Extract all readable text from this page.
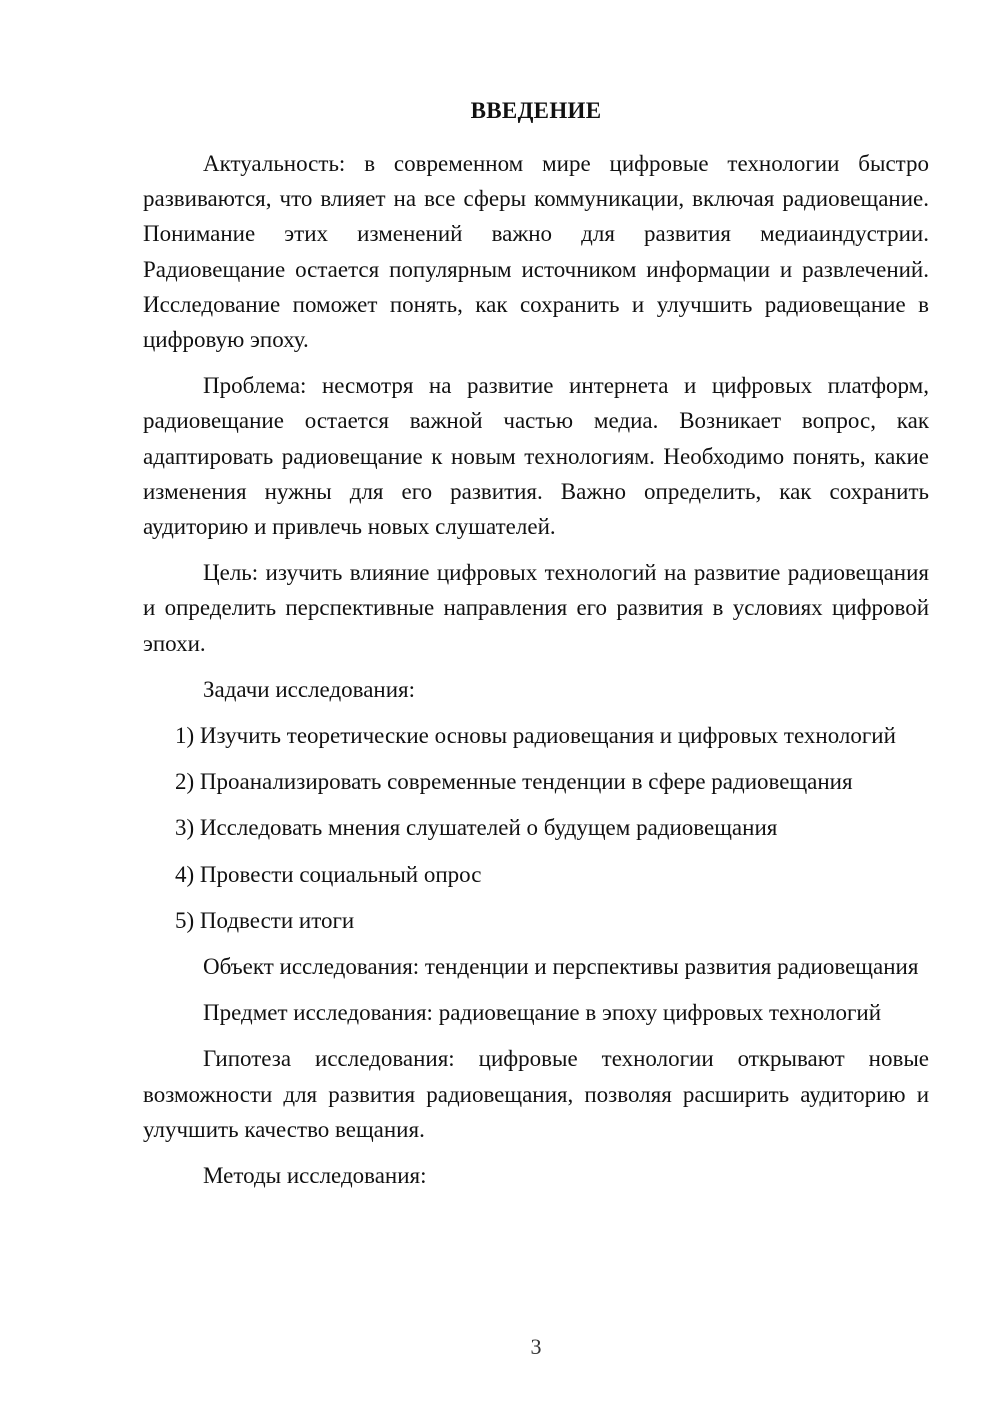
ВВЕДЕНИЕ

Актуальность: в современном мире цифровые технологии быстро развиваются, что влияет на все сферы коммуникации, включая радиовещание. Понимание этих изменений важно для развития медиаиндустрии. Радиовещание остается популярным источником информации и развлечений. Исследование поможет понять, как сохранить и улучшить радиовещание в цифровую эпоху.

Проблема: несмотря на развитие интернета и цифровых платформ, радиовещание остается важной частью медиа. Возникает вопрос, как адаптировать радиовещание к новым технологиям. Необходимо понять, какие изменения нужны для его развития. Важно определить, как сохранить аудиторию и привлечь новых слушателей.

Цель: изучить влияние цифровых технологий на развитие радиовещания и определить перспективные направления его развития в условиях цифровой эпохи.

Задачи исследования:

1) Изучить теоретические основы радиовещания и цифровых технологий

2) Проанализировать современные тенденции в сфере радиовещания

3) Исследовать мнения слушателей о будущем радиовещания

4) Провести социальный опрос

5) Подвести итоги

Объект исследования: тенденции и перспективы развития радиовещания

Предмет исследования: радиовещание в эпоху цифровых технологий

Гипотеза исследования: цифровые технологии открывают новые возможности для развития радиовещания, позволяя расширить аудиторию и улучшить качество вещания.

Методы исследования:

3
